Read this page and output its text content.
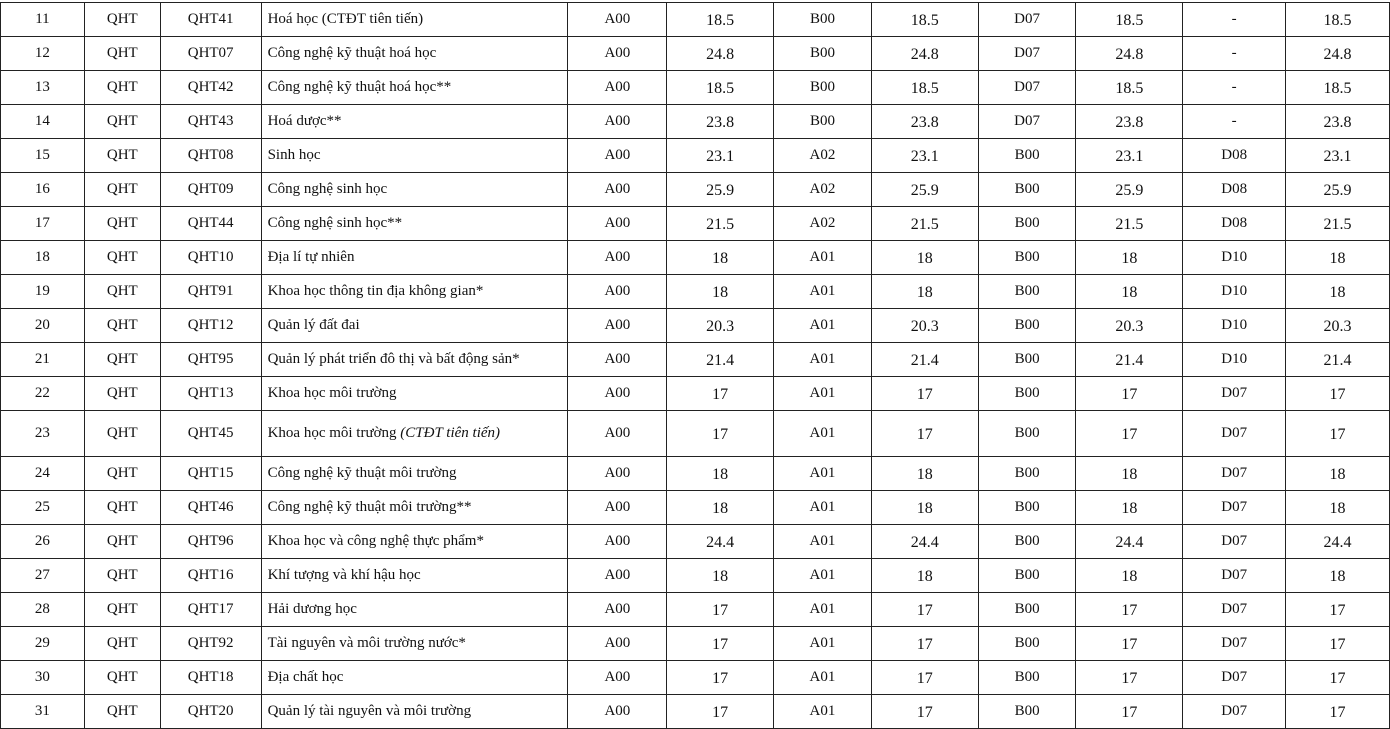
11	QHT	QHT41	Hoá học (CTĐT tiên tiến)	A00	18.5	B00	18.5	D07	18.5	-	18.5
12	QHT	QHT07	Công nghệ kỹ thuật hoá học	A00	24.8	B00	24.8	D07	24.8	-	24.8
13	QHT	QHT42	Công nghệ kỹ thuật hoá học**	A00	18.5	B00	18.5	D07	18.5	-	18.5
14	QHT	QHT43	Hoá dược**	A00	23.8	B00	23.8	D07	23.8	-	23.8
15	QHT	QHT08	Sinh học	A00	23.1	A02	23.1	B00	23.1	D08	23.1
16	QHT	QHT09	Công nghệ sinh học	A00	25.9	A02	25.9	B00	25.9	D08	25.9
17	QHT	QHT44	Công nghệ sinh học**	A00	21.5	A02	21.5	B00	21.5	D08	21.5
18	QHT	QHT10	Địa lí tự nhiên	A00	18	A01	18	B00	18	D10	18
19	QHT	QHT91	Khoa học thông tin địa không gian*	A00	18	A01	18	B00	18	D10	18
20	QHT	QHT12	Quản lý đất đai	A00	20.3	A01	20.3	B00	20.3	D10	20.3
21	QHT	QHT95	Quản lý phát triển đô thị và bất động sản*	A00	21.4	A01	21.4	B00	21.4	D10	21.4
22	QHT	QHT13	Khoa học môi trường	A00	17	A01	17	B00	17	D07	17
23	QHT	QHT45	Khoa học môi trường (CTĐT tiên tiến)	A00	17	A01	17	B00	17	D07	17
24	QHT	QHT15	Công nghệ kỹ thuật môi trường	A00	18	A01	18	B00	18	D07	18
25	QHT	QHT46	Công nghệ kỹ thuật môi trường**	A00	18	A01	18	B00	18	D07	18
26	QHT	QHT96	Khoa học và công nghệ thực phẩm*	A00	24.4	A01	24.4	B00	24.4	D07	24.4
27	QHT	QHT16	Khí tượng và khí hậu học	A00	18	A01	18	B00	18	D07	18
28	QHT	QHT17	Hải dương học	A00	17	A01	17	B00	17	D07	17
29	QHT	QHT92	Tài nguyên và môi trường nước*	A00	17	A01	17	B00	17	D07	17
30	QHT	QHT18	Địa chất học	A00	17	A01	17	B00	17	D07	17
31	QHT	QHT20	Quản lý tài nguyên và môi trường	A00	17	A01	17	B00	17	D07	17
